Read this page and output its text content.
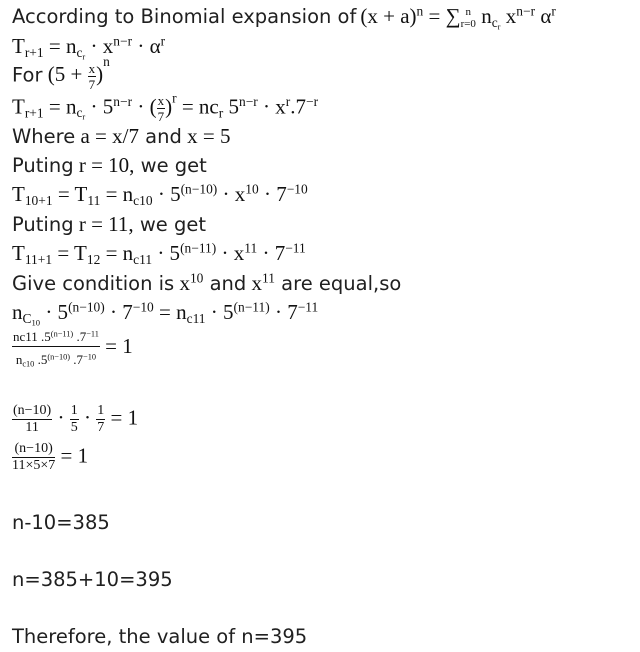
According to Binomial expansion of $(x + a)^n$ = ∑ n
r=0 $n_{c_r}$ $x^{n-r}$ $\alpha^r$
$T_{r+1} = n_{c_r} \cdot x^{n-r} \cdot \alpha^r$
For $(5 + \frac{x}{7} )^n$
$T_{r+1} = n_{c_r} \cdot 5^{n-r}$ · ( $\frac{x}{7} )^r = nc_r$ $5^{n-r} \cdot x^r.7^{-r}$
Where a = x/7 and x = 5
Puting r = 10, we get
$T_{10+1} = T_{11} = n_{c10} \cdot 5^{(n-10)} \cdot x^{10} \cdot 7^{-10}$
Puting r = 11, we get
$T_{11+1} = T_{12} = n_{c11} \cdot 5^{(n-11)} \cdot x^{11} \cdot 7^{-11}$
Give condition is $x^{10}$ and $x^{11}$ are equal,so
$n_{C_{10}} \cdot 5^{(n-10)} \cdot 7^{-10} = n_{c11} \cdot 5^{(n-11)} \cdot 7^{-11}$
$\frac{nc11 .5^{(n-11)} .7^{-11}}{n_{c10} .5^{(n-10)} .7^{-10}} = 1$
$\frac{(n-10)}{11} \cdot \frac{1}{5} \cdot \frac{1}{7} = 1$
$\frac{(n-10)}{11\times 5\times 7} = 1$
n-10=385
n=385+10=395
Therefore, the value of n=395
